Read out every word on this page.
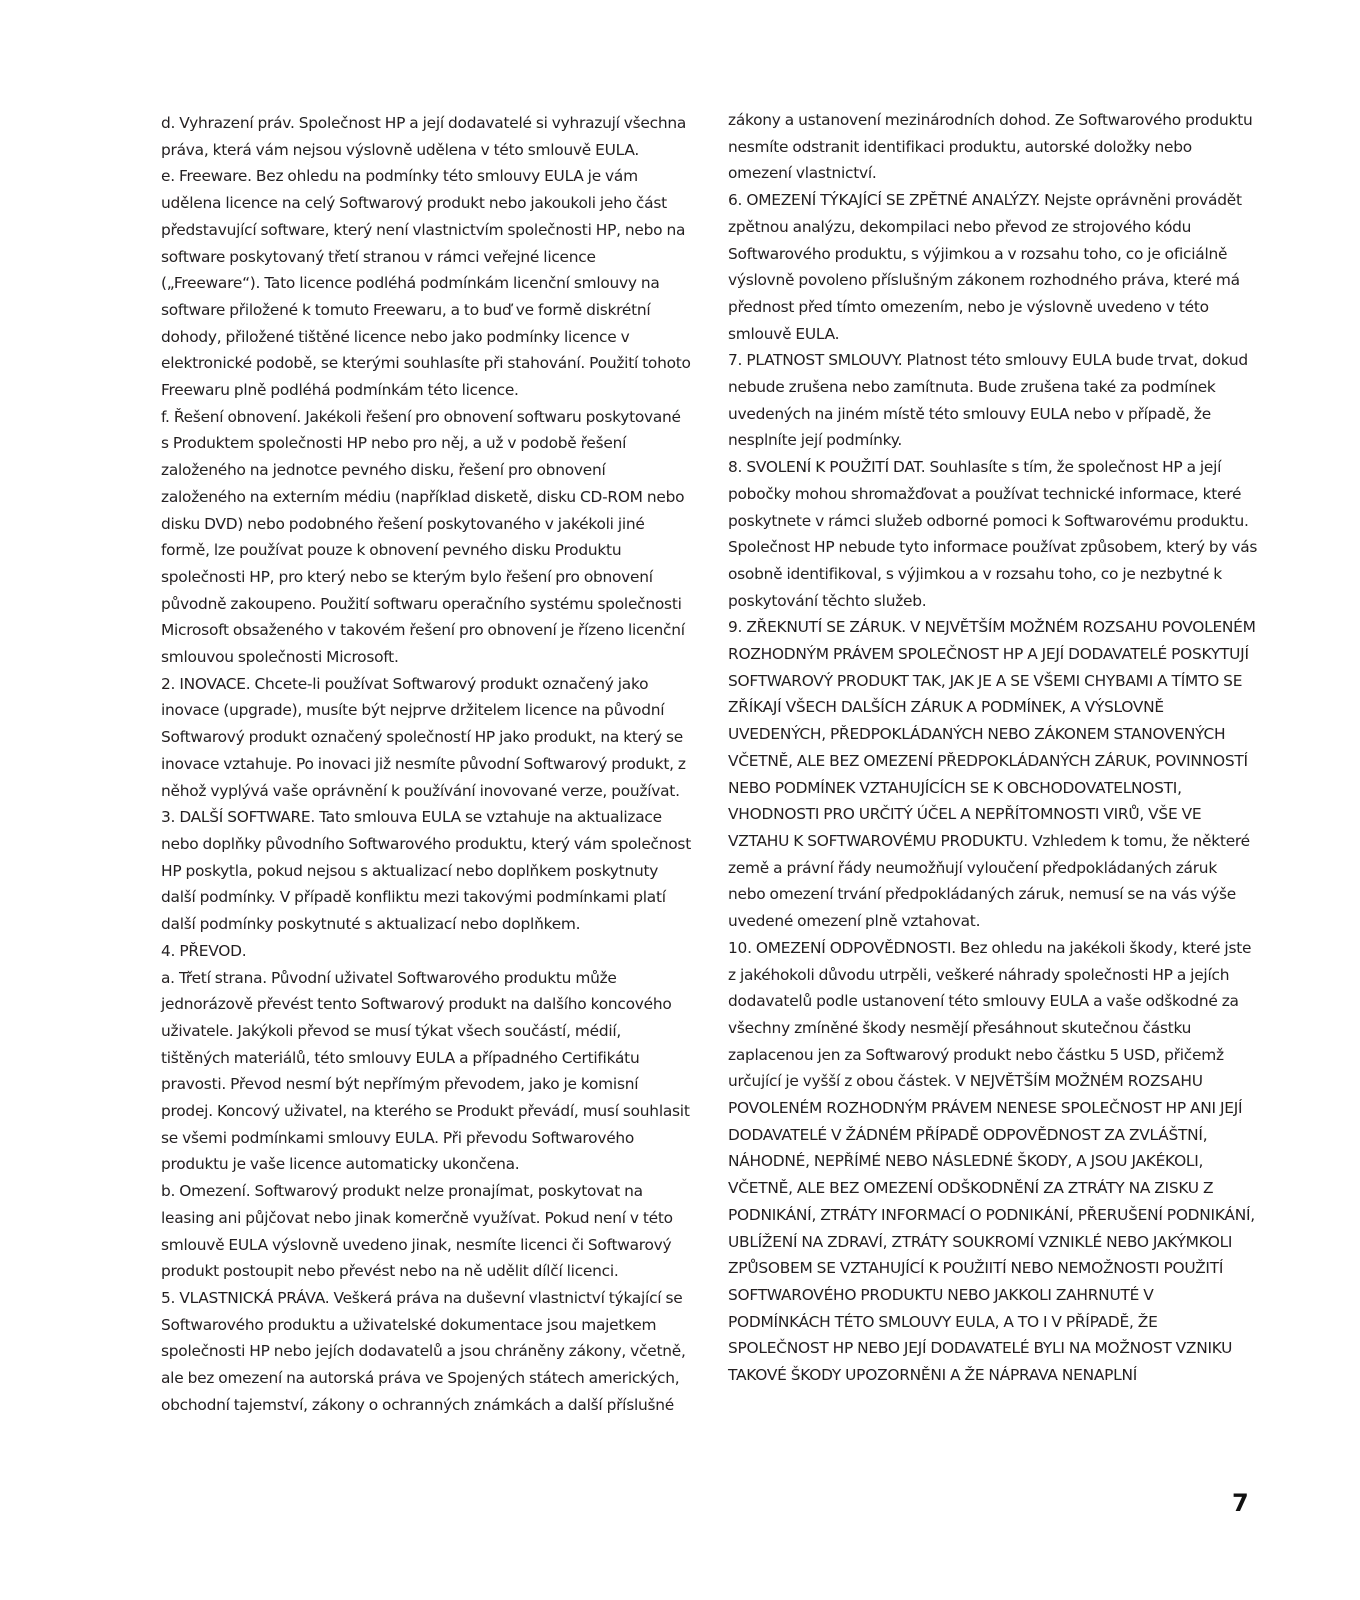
d. Vyhrazení práv. Společnost HP a její dodavatelé si vyhrazují všechna práva, která vám nejsou výslovně udělena v této smlouvě EULA.

e. Freeware. Bez ohledu na podmínky této smlouvy EULA je vám udělena licence na celý Softwarový produkt nebo jakoukoli jeho část představující software, který není vlastnictvím společnosti HP, nebo na software poskytovaný třetí stranou v rámci veřejné licence („Freeware“). Tato licence podléhá podmínkám licenční smlouvy na software přiložené k tomuto Freewaru, a to buď ve formě diskrétní dohody, přiložené tištěné licence nebo jako podmínky licence v elektronické podobě, se kterými souhlasíte při stahování. Použití tohoto Freewaru plně podléhá podmínkám této licence.

f. Řešení obnovení. Jakékoli řešení pro obnovení softwaru poskytované s Produktem společnosti HP nebo pro něj, a už v podobě řešení založeného na jednotce pevného disku, řešení pro obnovení založeného na externím médiu (například disketě, disku CD-ROM nebo disku DVD) nebo podobného řešení poskytovaného v jakékoli jiné formě, lze používat pouze k obnovení pevného disku Produktu společnosti HP, pro který nebo se kterým bylo řešení pro obnovení původně zakoupeno. Použití softwaru operačního systému společnosti Microsoft obsaženého v takovém řešení pro obnovení je řízeno licenční smlouvou společnosti Microsoft.

2. INOVACE. Chcete-li používat Softwarový produkt označený jako inovace (upgrade), musíte být nejprve držitelem licence na původní Softwarový produkt označený společností HP jako produkt, na který se inovace vztahuje. Po inovaci již nesmíte původní Softwarový produkt, z něhož vyplývá vaše oprávnění k používání inovované verze, používat.

3. DALŠÍ SOFTWARE. Tato smlouva EULA se vztahuje na aktualizace nebo doplňky původního Softwarového produktu, který vám společnost HP poskytla, pokud nejsou s aktualizací nebo doplňkem poskytnuty další podmínky. V případě konfliktu mezi takovými podmínkami platí další podmínky poskytnuté s aktualizací nebo doplňkem.

4. PŘEVOD.

a. Třetí strana. Původní uživatel Softwarového produktu může jednorázově převést tento Softwarový produkt na dalšího koncového uživatele. Jakýkoli převod se musí týkat všech součástí, médií, tištěných materiálů, této smlouvy EULA a případného Certifikátu pravosti. Převod nesmí být nepřímým převodem, jako je komisní prodej. Koncový uživatel, na kterého se Produkt převádí, musí souhlasit se všemi podmínkami smlouvy EULA. Při převodu Softwarového produktu je vaše licence automaticky ukončena.

b. Omezení. Softwarový produkt nelze pronajímat, poskytovat na leasing ani půjčovat nebo jinak komerčně využívat. Pokud není v této smlouvě EULA výslovně uvedeno jinak, nesmíte licenci či Softwarový produkt postoupit nebo převést nebo na ně udělit dílčí licenci.

5. VLASTNICKÁ PRÁVA. Veškerá práva na duševní vlastnictví týkající se Softwarového produktu a uživatelské dokumentace jsou majetkem společnosti HP nebo jejích dodavatelů a jsou chráněny zákony, včetně, ale bez omezení na autorská práva ve Spojených státech amerických, obchodní tajemství, zákony o ochranných známkách a další příslušné

zákony a ustanovení mezinárodních dohod. Ze Softwarového produktu nesmíte odstranit identifikaci produktu, autorské doložky nebo omezení vlastnictví.

6. OMEZENÍ TÝKAJÍCÍ SE ZPĚTNÉ ANALÝZY. Nejste oprávněni provádět zpětnou analýzu, dekompilaci nebo převod ze strojového kódu Softwarového produktu, s výjimkou a v rozsahu toho, co je oficiálně výslovně povoleno příslušným zákonem rozhodného práva, které má přednost před tímto omezením, nebo je výslovně uvedeno v této smlouvě EULA.

7. PLATNOST SMLOUVY. Platnost této smlouvy EULA bude trvat, dokud nebude zrušena nebo zamítnuta. Bude zrušena také za podmínek uvedených na jiném místě této smlouvy EULA nebo v případě, že nesplníte její podmínky.

8. SVOLENÍ K POUŽITÍ DAT. Souhlasíte s tím, že společnost HP a její pobočky mohou shromažďovat a používat technické informace, které poskytnete v rámci služeb odborné pomoci k Softwarovému produktu. Společnost HP nebude tyto informace používat způsobem, který by vás osobně identifikoval, s výjimkou a v rozsahu toho, co je nezbytné k poskytování těchto služeb.

9. ZŘEKNUTÍ SE ZÁRUK. V NEJVĚTŠÍM MOŽNÉM ROZSAHU POVOLENÉM ROZHODNÝM PRÁVEM SPOLEČNOST HP A JEJÍ DODAVATELÉ POSKYTUJÍ SOFTWAROVÝ PRODUKT TAK, JAK JE A SE VŠEMI CHYBAMI A TÍMTO SE ZŘÍKAJÍ VŠECH DALŠÍCH ZÁRUK A PODMÍNEK, A VÝSLOVNĚ UVEDENÝCH, PŘEDPOKLÁDANÝCH NEBO ZÁKONEM STANOVENÝCH VČETNĚ, ALE BEZ OMEZENÍ PŘEDPOKLÁDANÝCH ZÁRUK, POVINNOSTÍ NEBO PODMÍNEK VZTAHUJÍCÍCH SE K OBCHODOVATELNOSTI, VHODNOSTI PRO URČITÝ ÚČEL A NEPŘÍTOMNOSTI VIRŮ, VŠE VE VZTAHU K SOFTWAROVÉMU PRODUKTU. Vzhledem k tomu, že některé země a právní řády neumožňují vyloučení předpokládaných záruk nebo omezení trvání předpokládaných záruk, nemusí se na vás výše uvedené omezení plně vztahovat.

10. OMEZENÍ ODPOVĚDNOSTI. Bez ohledu na jakékoli škody, které jste z jakéhokoli důvodu utrpěli, veškeré náhrady společnosti HP a jejích dodavatelů podle ustanovení této smlouvy EULA a vaše odškodné za všechny zmíněné škody nesmějí přesáhnout skutečnou částku zaplacenou jen za Softwarový produkt nebo částku 5 USD, přičemž určující je vyšší z obou částek. V NEJVĚTŠÍM MOŽNÉM ROZSAHU POVOLENÉM ROZHODNÝM PRÁVEM NENESE SPOLEČNOST HP ANI JEJÍ DODAVATELÉ V ŽÁDNÉM PŘÍPADĚ ODPOVĚDNOST ZA ZVLÁŠTNÍ, NÁHODNÉ, NEPŘÍMÉ NEBO NÁSLEDNÉ ŠKODY, A JSOU JAKÉKOLI, VČETNĚ, ALE BEZ OMEZENÍ ODŠKODNĚNÍ ZA ZTRÁTY NA ZISKU Z PODNIKÁNÍ, ZTRÁTY INFORMACÍ O PODNIKÁNÍ, PŘERUŠENÍ PODNIKÁNÍ, UBLÍŽENÍ NA ZDRAVÍ, ZTRÁTY SOUKROMÍ VZNIKLÉ NEBO JAKÝMKOLI ZPŮSOBEM SE VZTAHUJÍCÍ K POUŽIITÍ NEBO NEMOŽNOSTI POUŽITÍ SOFTWAROVÉHO PRODUKTU NEBO JAKKOLI ZAHRNUTÉ V PODMÍNKÁCH TÉTO SMLOUVY EULA, A TO I V PŘÍPADĚ, ŽE SPOLEČNOST HP NEBO JEJÍ DODAVATELÉ BYLI NA MOŽNOST VZNIKU TAKOVÉ ŠKODY UPOZORNĚNI A ŽE NÁPRAVA NENAPLNÍ

7
